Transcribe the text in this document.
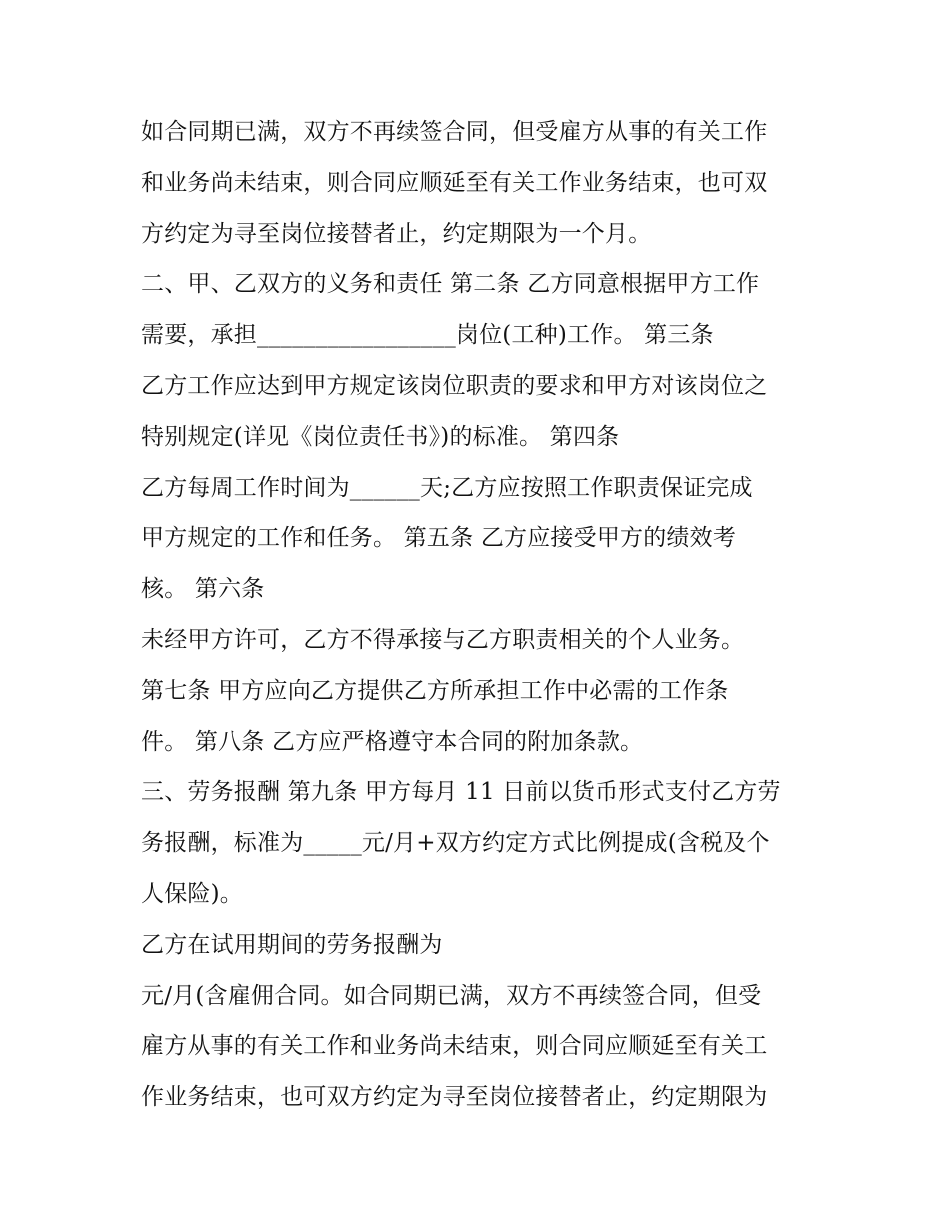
如合同期已满，双方不再续签合同，但受雇方从事的有关工作
和业务尚未结束，则合同应顺延至有关工作业务结束，也可双
方约定为寻至岗位接替者止，约定期限为一个月。
二、甲、乙双方的义务和责任 第二条 乙方同意根据甲方工作
需要，承担_________________岗位(工种)工作。 第三条
乙方工作应达到甲方规定该岗位职责的要求和甲方对该岗位之
特别规定(详见《岗位责任书》)的标准。 第四条
乙方每周工作时间为______天;乙方应按照工作职责保证完成
甲方规定的工作和任务。 第五条 乙方应接受甲方的绩效考
核。 第六条
未经甲方许可，乙方不得承接与乙方职责相关的个人业务。
第七条 甲方应向乙方提供乙方所承担工作中必需的工作条
件。 第八条 乙方应严格遵守本合同的附加条款。
三、劳务报酬 第九条 甲方每月 11 日前以货币形式支付乙方劳
务报酬，标准为_____元/月+双方约定方式比例提成(含税及个
人保险)。
乙方在试用期间的劳务报酬为
元/月(含雇佣合同。如合同期已满，双方不再续签合同，但受
雇方从事的有关工作和业务尚未结束，则合同应顺延至有关工
作业务结束，也可双方约定为寻至岗位接替者止，约定期限为
